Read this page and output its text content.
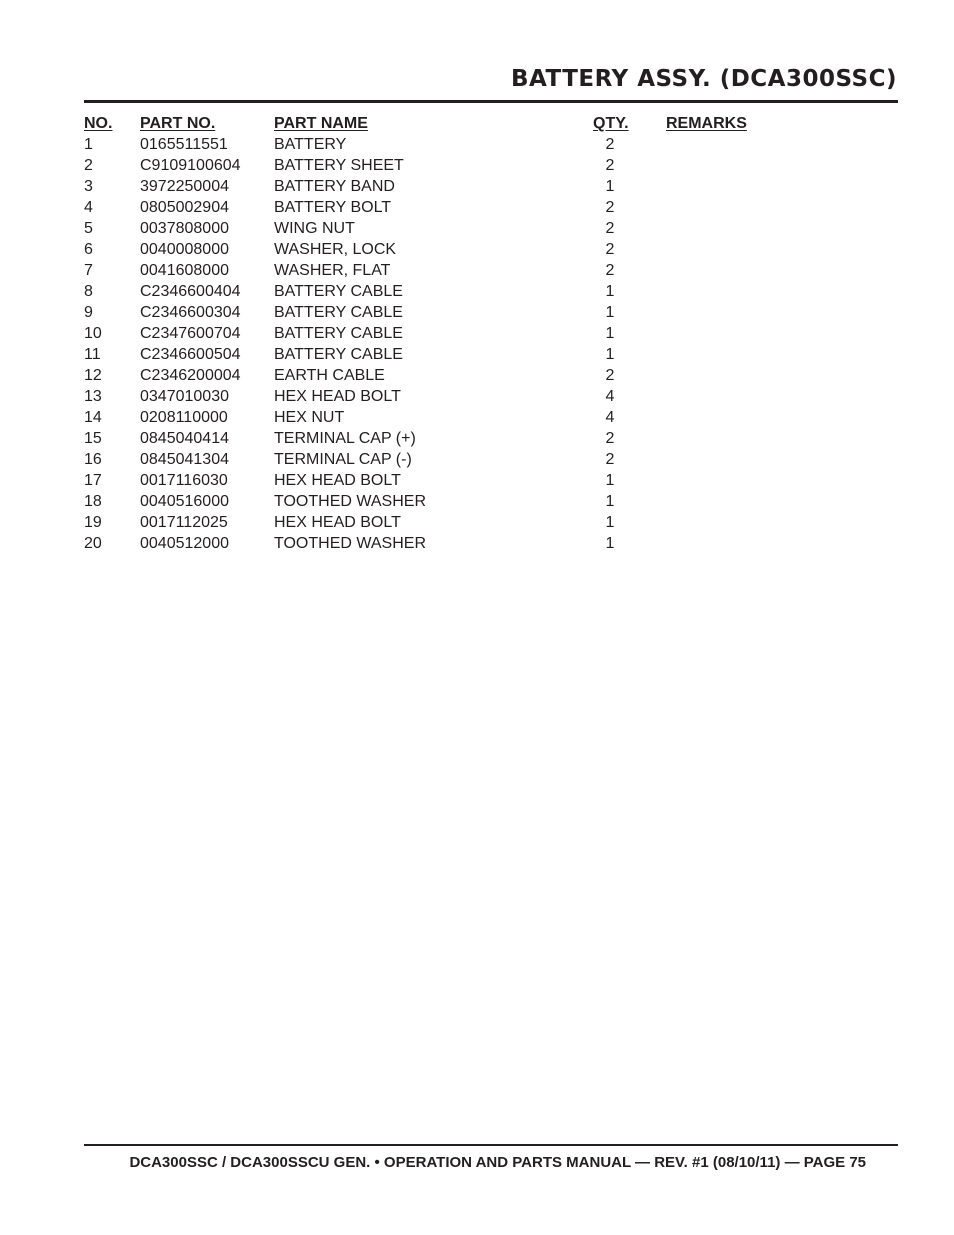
BATTERY ASSY. (DCA300SSC)
NO. PART NO.	PART NAME	QTY. REMARKS
1	0165511551	BATTERY	2
2	C9109100604 BATTERY SHEET	2
3	3972250004	BATTERY BAND	1
4	0805002904	BATTERY BOLT	2
5	0037808000	WING NUT	2
6	0040008000	WASHER, LOCK	2
7	0041608000	WASHER, FLAT	2
8	C2346600404 BATTERY CABLE	1
9	C2346600304 BATTERY CABLE	1
10 C2347600704 BATTERY CABLE	1
11 C2346600504 BATTERY CABLE	1
12 C2346200004 EARTH CABLE	2
13 0347010030	HEX HEAD BOLT	4
14 0208110000	HEX NUT	4
15 0845040414	TERMINAL CAP (+)	2
16 0845041304	TERMINAL CAP (-)	2
17 0017116030	HEX HEAD BOLT	1
18 0040516000	TOOTHED WASHER	1
19 0017112025	HEX HEAD BOLT	1
20 0040512000	TOOTHED WASHER	1
DCA300SSC / DCA300SSCU GEN. • OPERATION AND PARTS MANUAL — REV. #1 (08/10/11) — PAGE 75
